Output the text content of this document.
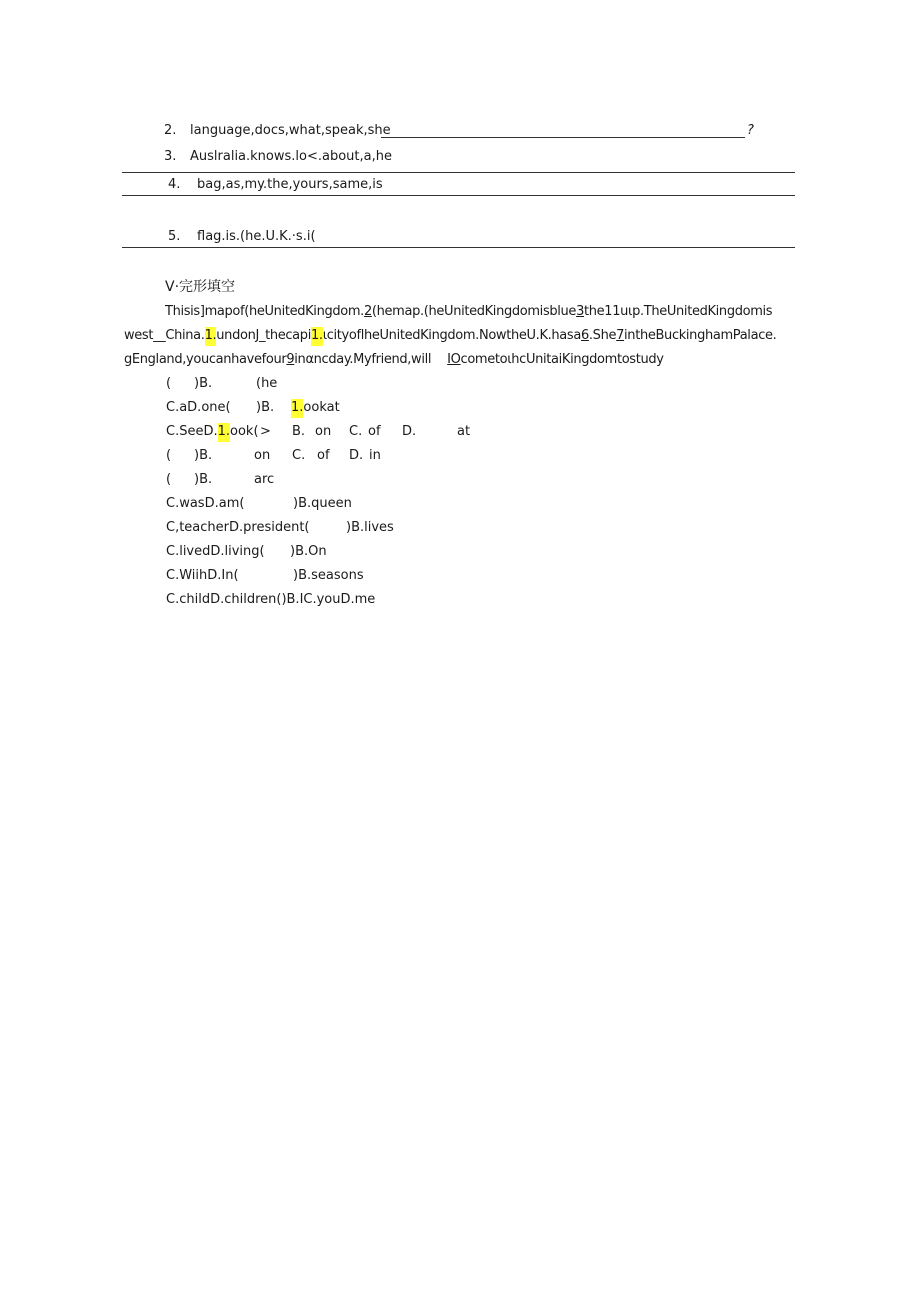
2. language,docs,what,speak,she	?
3. Auslralia.knows.lo<.about,a,he
4. bag,as,my.the,yours,same,is
5. flag.is.(he.U.K.·s.i(
V·完形填空
Thisis]mapof(heUnitedKingdom.2(hemap.(heUnitedKingdomisblue3the11uιp.TheUnitedKingdomis
west__China.1.undonJ_thecapi1.ιcityoflheUnitedKingdom.NowtheU.K.hasa6.She7intheBuckinghamPalace.
gEngland,youcanhavefour9inαncday.Myfriend,will IOcometoιhcUnitaiKingdomtostudy
( )B.	(he
C.aD.one( )B. 1.ookat
C.SeeD.1.ook( > B. on C. of D.	at
( )B.	on C. of D. in
( )B.	arc
C.wasD.am(	)B.queen
C,teacherD.president(	)B.lives
C.livedD.living( )B.On
C.WiihD.In(	)B.seasons
C.childD.children()B.IC.youD.me
